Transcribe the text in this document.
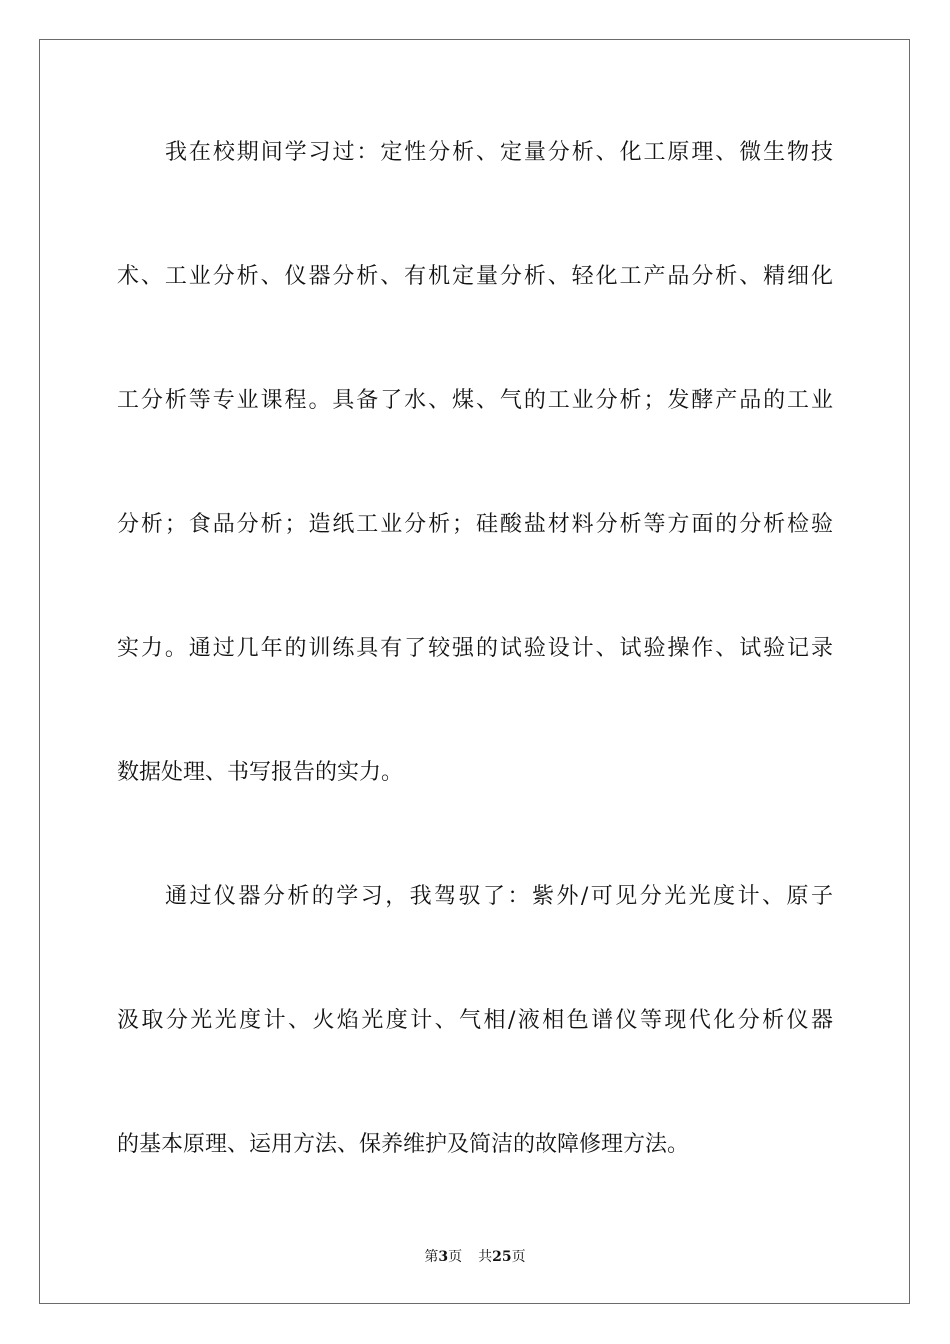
我在校期间学习过：定性分析、定量分析、化工原理、微生物技
术、工业分析、仪器分析、有机定量分析、轻化工产品分析、精细化
工分析等专业课程。具备了水、煤、气的工业分析；发酵产品的工业
分析；食品分析；造纸工业分析；硅酸盐材料分析等方面的分析检验
实力。通过几年的训练具有了较强的试验设计、试验操作、试验记录
数据处理、书写报告的实力。
通过仪器分析的学习，我驾驭了：紫外/可见分光光度计、原子
汲取分光光度计、火焰光度计、气相/液相色谱仪等现代化分析仪器
的基本原理、运用方法、保养维护及简洁的故障修理方法。
第3页 共25页
